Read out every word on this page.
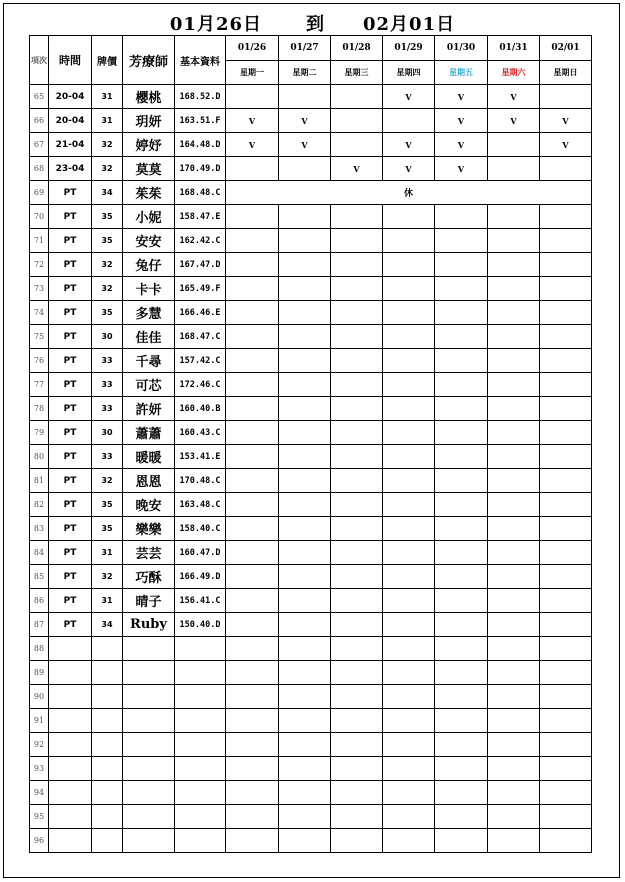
01月26日 到 02月01日
項次	時間	牌價	芳療師	基本資料	01/26	01/27	01/28	01/29	01/30	01/31	02/01
					星期一	星期二	星期三	星期四	星期五	星期六	星期日
65	20-04	31	櫻桃	168.52.D				V	V	V	
66	20-04	31	玥妍	163.51.F	V	V			V	V	V
67	21-04	32	婷妤	164.48.D	V	V		V	V		V
68	23-04	32	莫莫	170.49.D			V	V	V		
69	PT	34	茱茱	168.48.C	休						
70	PT	35	小妮	158.47.E							
71	PT	35	安安	162.42.C							
72	PT	32	兔仔	167.47.D							
73	PT	32	卡卡	165.49.F							
74	PT	35	多慧	166.46.E							
75	PT	30	佳佳	168.47.C							
76	PT	33	千尋	157.42.C							
77	PT	33	可芯	172.46.C							
78	PT	33	許妍	160.40.B							
79	PT	30	蕭蕭	160.43.C							
80	PT	33	暖暖	153.41.E							
81	PT	32	恩恩	170.48.C							
82	PT	35	晚安	163.48.C							
83	PT	35	樂樂	158.40.C							
84	PT	31	芸芸	160.47.D							
85	PT	32	巧酥	166.49.D							
86	PT	31	晴子	156.41.C							
87	PT	34	Ruby	150.40.D							
88											
89											
90											
91											
92											
93											
94											
95											
96											
